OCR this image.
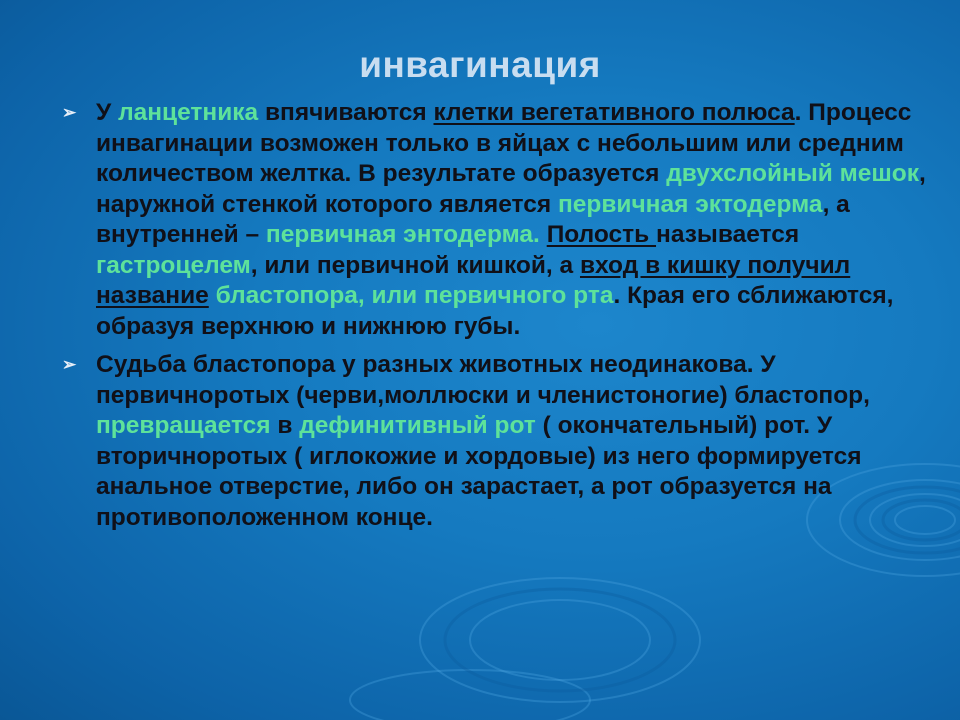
инвагинация
➢ У ланцетника впячиваются клетки вегетативного полюса. Процесс инвагинации возможен только в яйцах с небольшим или средним количеством желтка. В результате образуется двухслойный мешок, наружной стенкой которого является первичная эктодерма, а внутренней – первичная энтодерма. Полость называется гастроцелем, или первичной кишкой, а вход в кишку получил название бластопора, или первичного рта. Края его сближаются, образуя верхнюю и нижнюю губы.

➢ Судьба бластопора у разных животных неодинакова. У первичноротых (черви,моллюски и членистоногие) бластопор, превращается в дефинитивный рот ( окончательный) рот. У вторичноротых ( иглокожие и хордовые) из него формируется анальное отверстие, либо он зарастает, а рот образуется на противоположенном конце.
